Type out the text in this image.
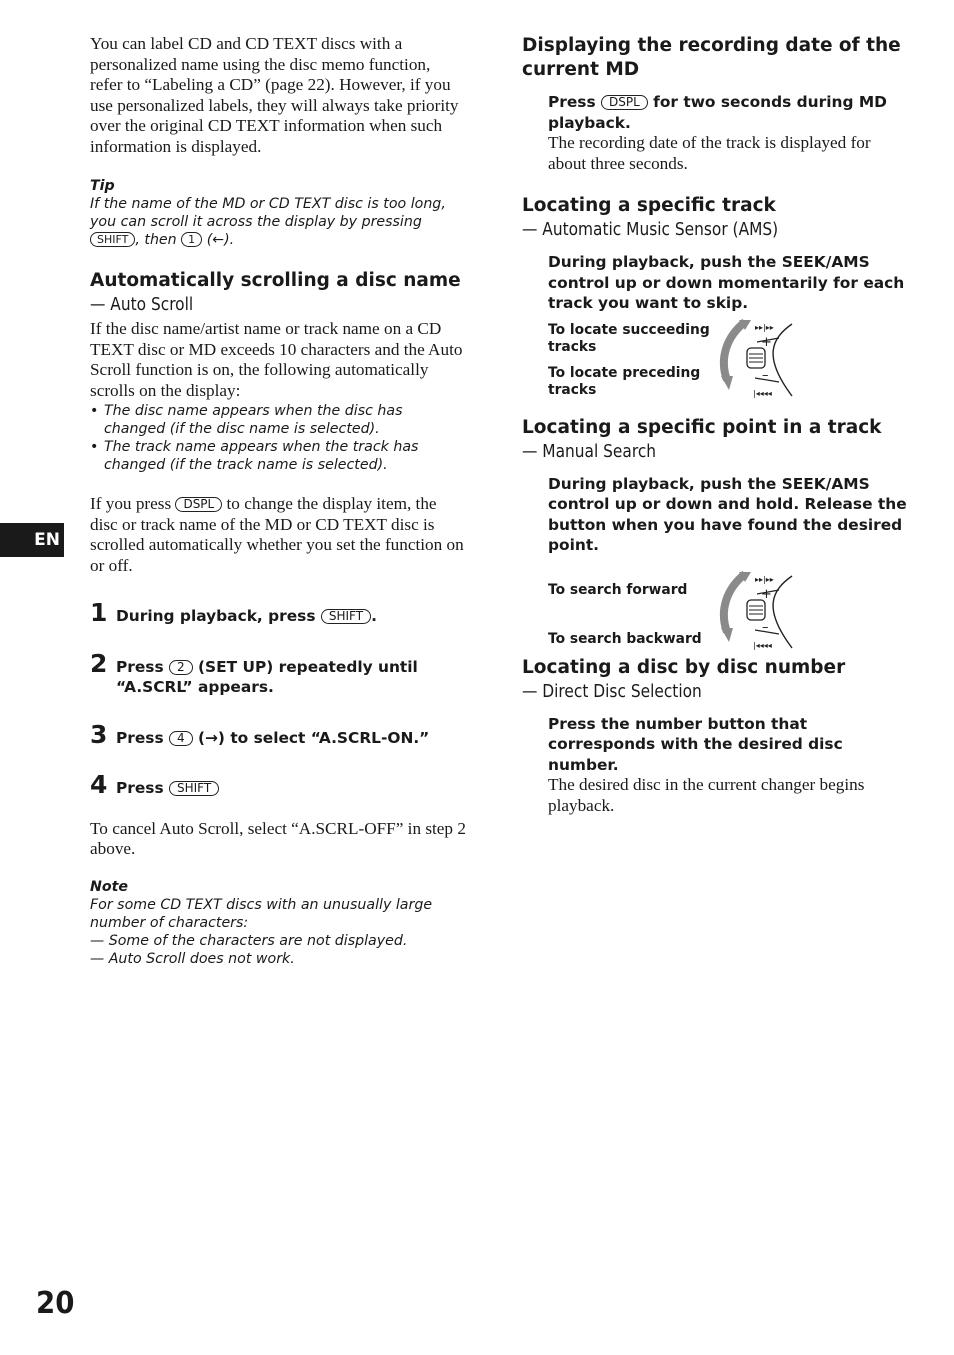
You can label CD and CD TEXT discs with a personalized name using the disc memo function, refer to “Labeling a CD” (page 22). However, if you use personalized labels, they will always take priority over the original CD TEXT information when such information is displayed.

Tip
If the name of the MD or CD TEXT disc is too long, you can scroll it across the display by pressing SHIFT , then 1 (←).
Automatically scrolling a disc name
— Auto Scroll

If the disc name/artist name or track name on a CD TEXT disc or MD exceeds 10 characters and the Auto Scroll function is on, the following automatically scrolls on the display:

• The disc name appears when the disc has changed (if the disc name is selected).
• The track name appears when the track has changed (if the track name is selected).

If you press DSPL to change the display item, the disc or track name of the MD or CD TEXT disc is scrolled automatically whether you set the function on or off.

1 During playback, press SHIFT .
2 Press 2 (SET UP) repeatedly until “A.SCRL” appears.
3 Press 4 (→) to select “A.SCRL-ON.”
4 Press SHIFT

To cancel Auto Scroll, select “A.SCRL-OFF” in step 2 above.

Note
For some CD TEXT discs with an unusually large number of characters:
— Some of the characters are not displayed.
— Auto Scroll does not work.
Displaying the recording date of the current MD
Press DSPL for two seconds during MD playback.
The recording date of the track is displayed for about three seconds.
Locating a specific track
— Automatic Music Sensor (AMS)
During playback, push the SEEK/AMS control up or down momentarily for each track you want to skip.
To locate succeeding tracks
To locate preceding tracks
+
–
▸▸|▸▸
|◂◂◂◂
Locating a specific point in a track
— Manual Search
During playback, push the SEEK/AMS control up or down and hold. Release the button when you have found the desired point.
To search forward
To search backward
+
–
▸▸|▸▸
|◂◂◂◂
Locating a disc by disc number
— Direct Disc Selection
Press the number button that corresponds with the desired disc number.
The desired disc in the current changer begins playback.
EN
20
